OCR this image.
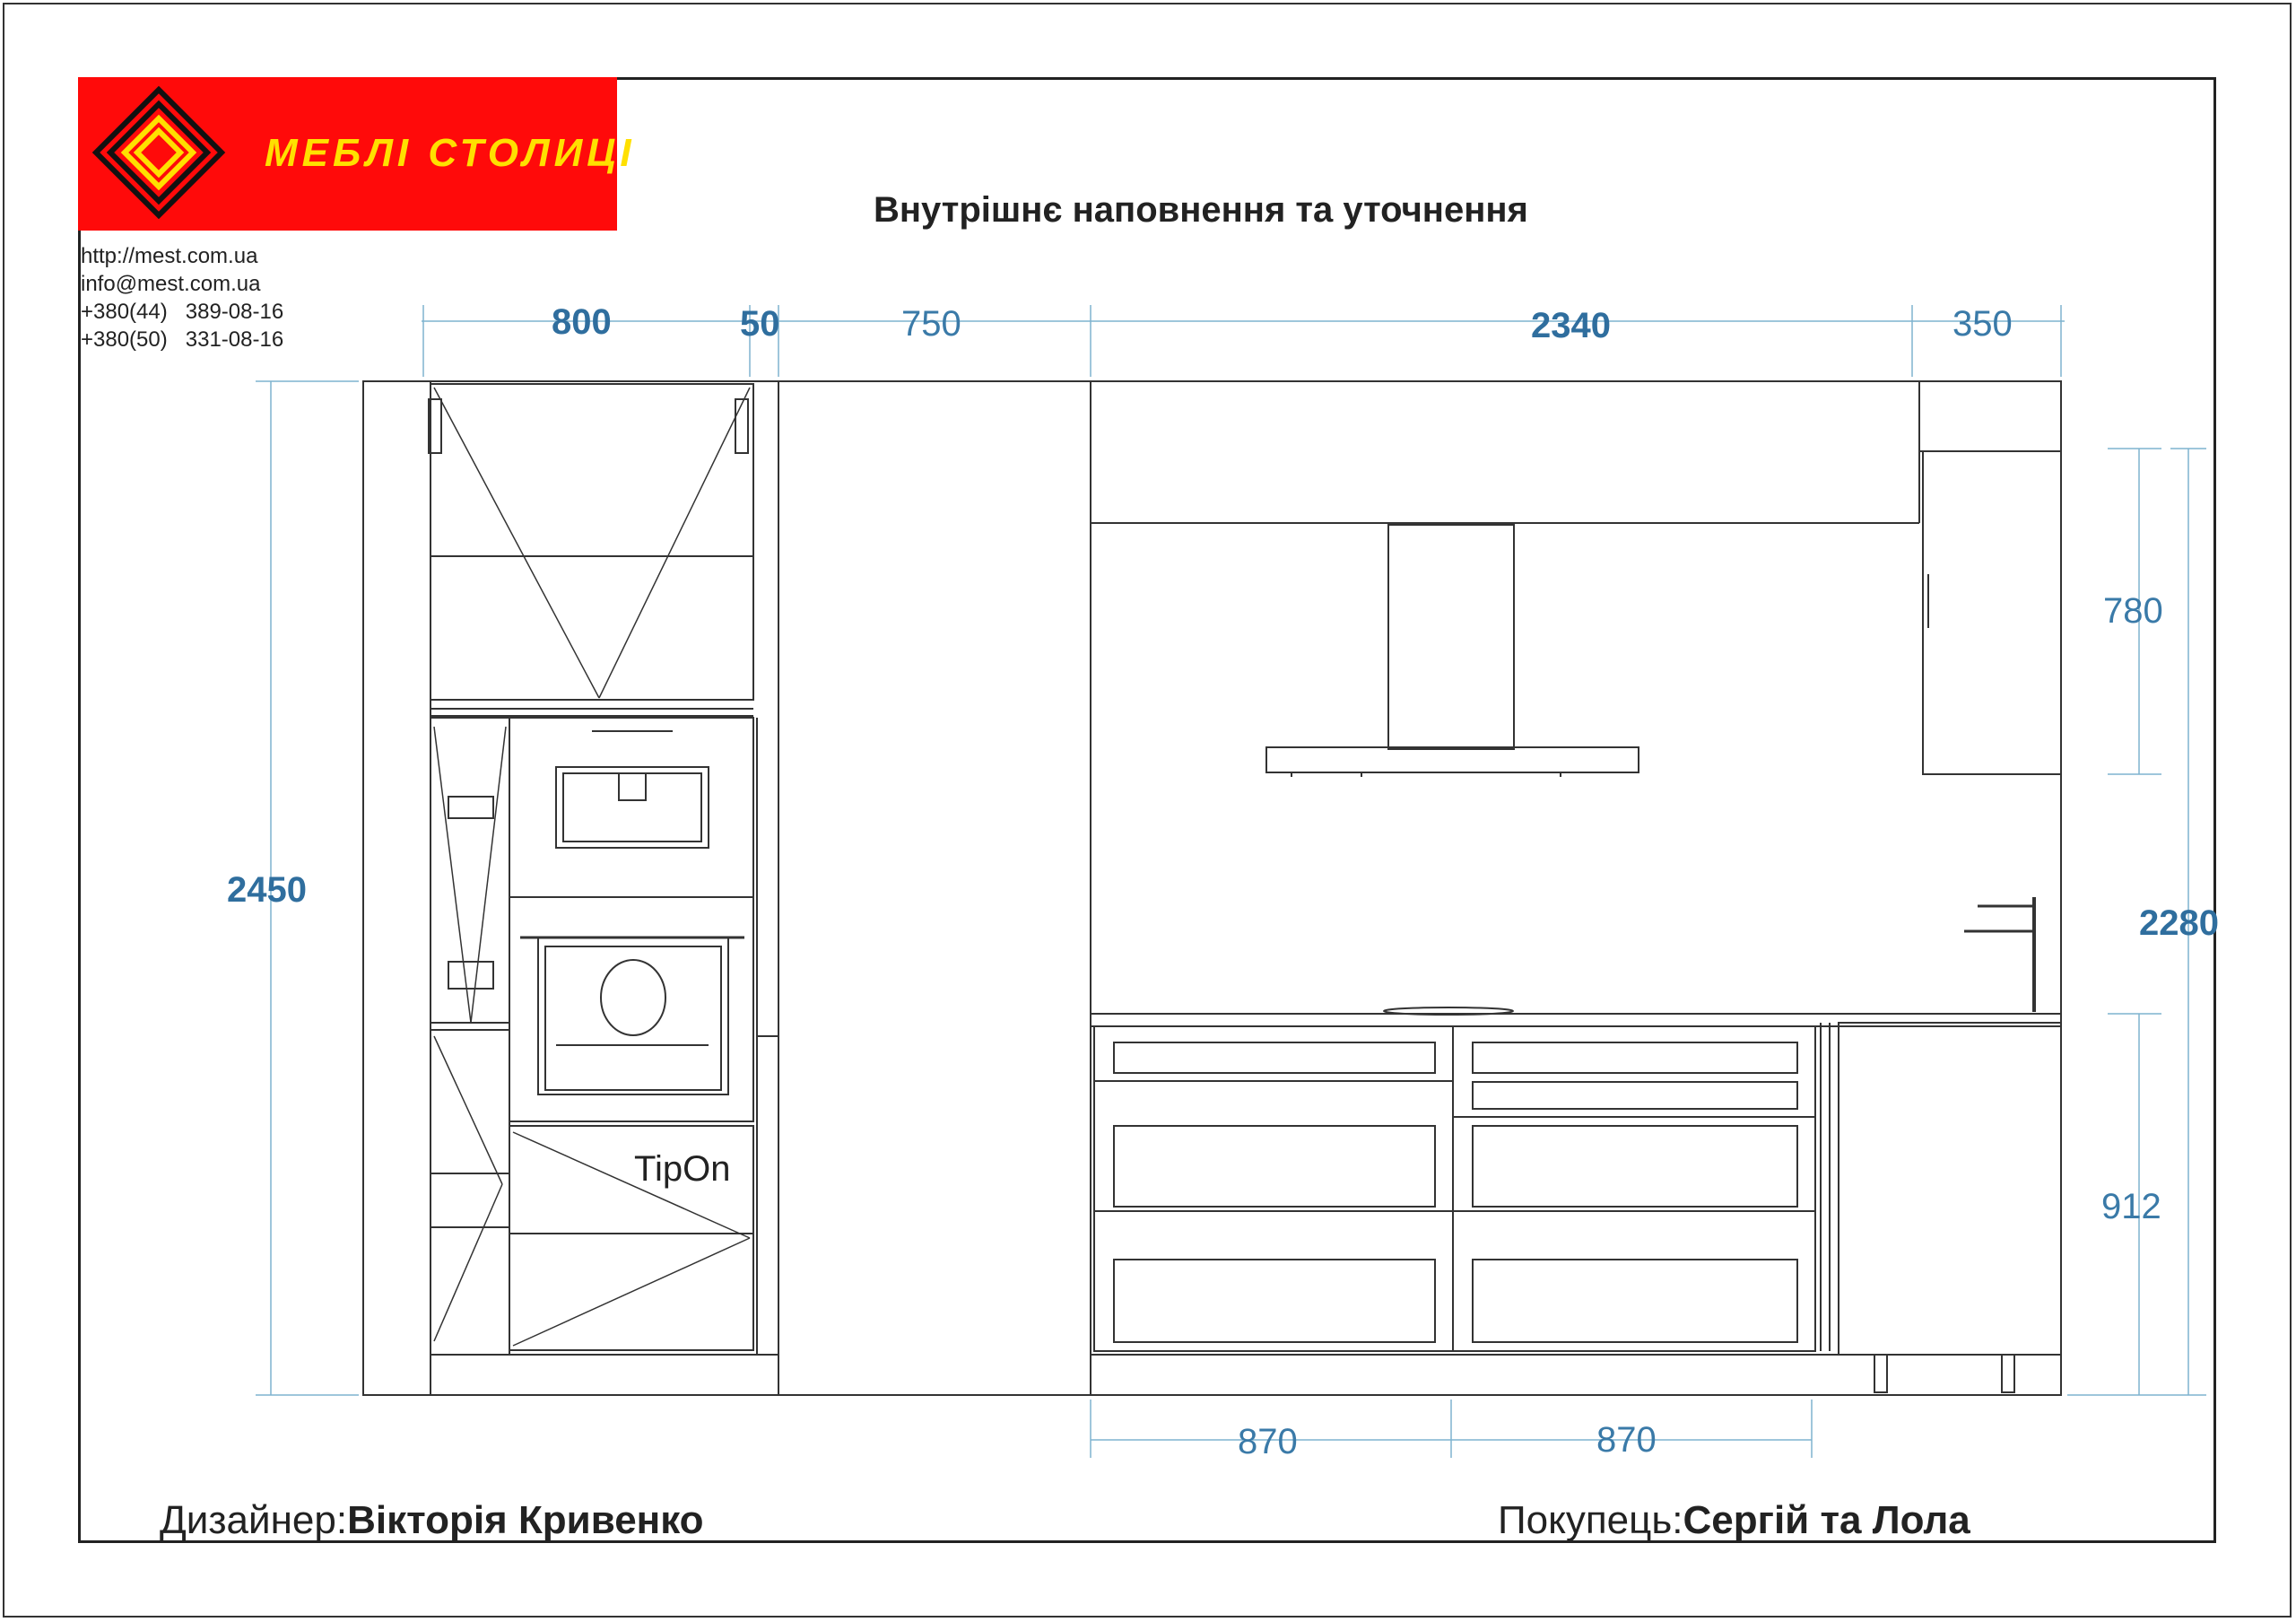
МЕБЛІ СТОЛИЦІ
http://mest.com.ua
info@mest.com.ua
+380(44)   389-08-16
+380(50)   331-08-16
Внутрішнє наповнення та уточнення
800	50	750	2340	350
2450
780
2280
912
870	870
TipOn
Дизайнер:Вікторія Кривенко	Покупець:Сергій та Лола
